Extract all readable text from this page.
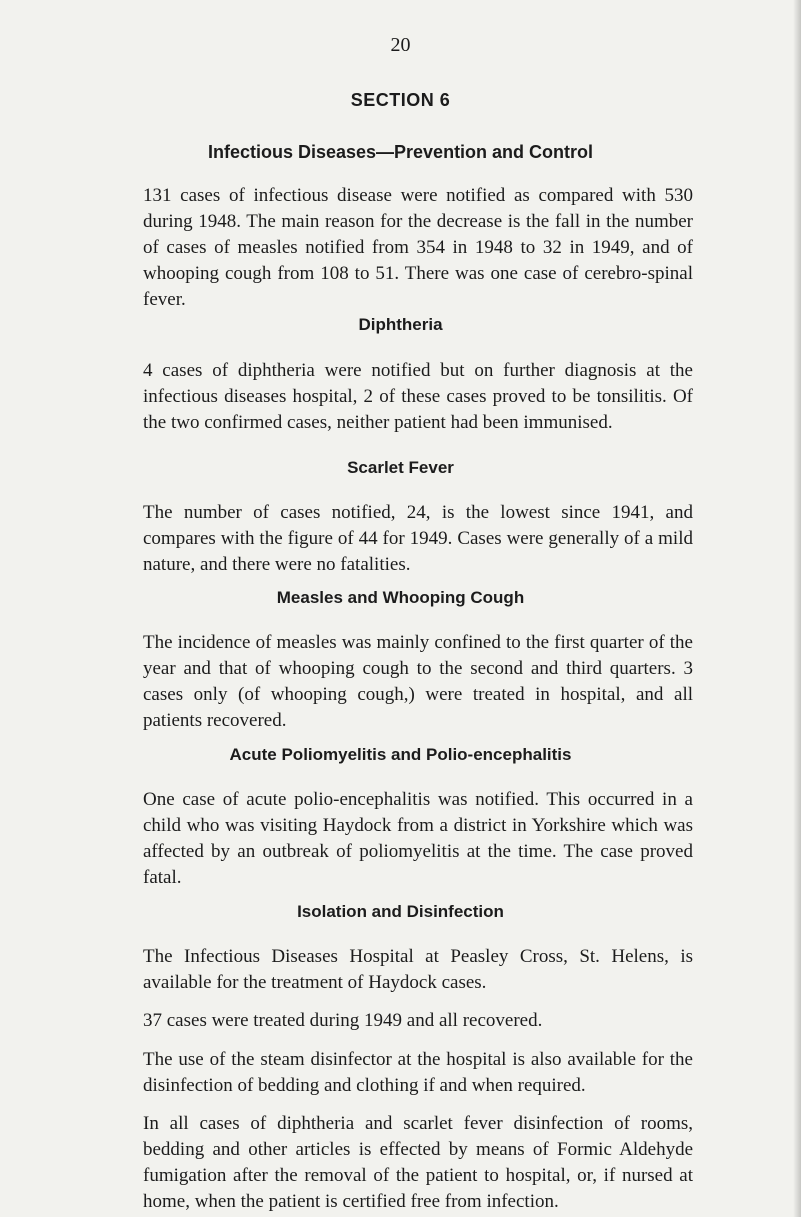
20
SECTION 6
Infectious Diseases—Prevention and Control

131 cases of infectious disease were notified as compared with 530 during 1948. The main reason for the decrease is the fall in the number of cases of measles notified from 354 in 1948 to 32 in 1949, and of whooping cough from 108 to 51. There was one case of cerebro-spinal fever.

Diphtheria

4 cases of diphtheria were notified but on further diagnosis at the infectious diseases hospital, 2 of these cases proved to be tonsilitis. Of the two confirmed cases, neither patient had been immunised.

Scarlet Fever

The number of cases notified, 24, is the lowest since 1941, and compares with the figure of 44 for 1949. Cases were generally of a mild nature, and there were no fatalities.

Measles and Whooping Cough

The incidence of measles was mainly confined to the first quarter of the year and that of whooping cough to the second and third quarters. 3 cases only (of whooping cough,) were treated in hospital, and all patients recovered.

Acute Poliomyelitis and Polio-encephalitis

One case of acute polio-encephalitis was notified. This occurred in a child who was visiting Haydock from a district in Yorkshire which was affected by an outbreak of poliomyelitis at the time. The case proved fatal.

Isolation and Disinfection

The Infectious Diseases Hospital at Peasley Cross, St. Helens, is available for the treatment of Haydock cases.

37 cases were treated during 1949 and all recovered.

The use of the steam disinfector at the hospital is also available for the disinfection of bedding and clothing if and when required.

In all cases of diphtheria and scarlet fever disinfection of rooms, bedding and other articles is effected by means of Formic Aldehyde fumigation after the removal of the patient to hospital, or, if nursed at home, when the patient is certified free from infection.
